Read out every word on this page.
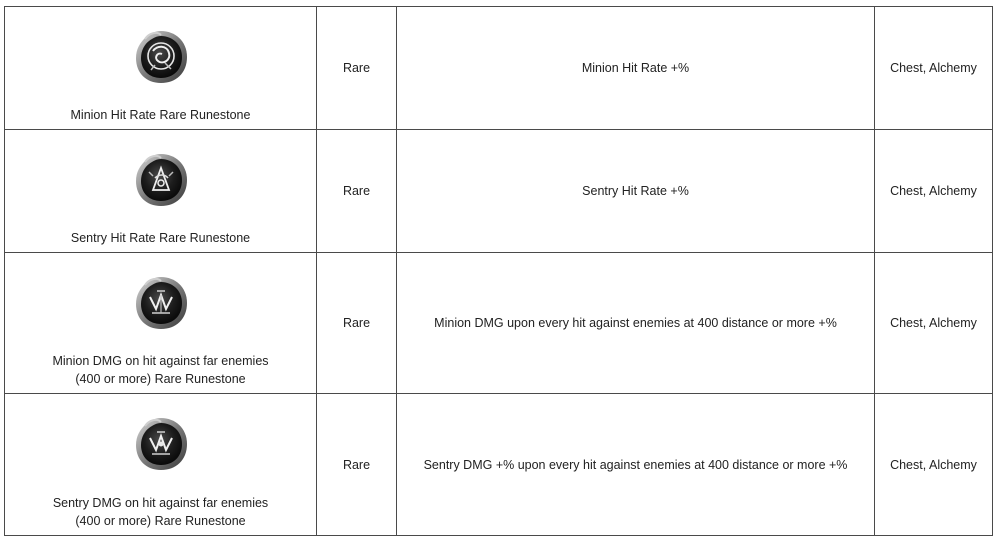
Minion Hit Rate Rare Runestone	Rare	Minion Hit Rate +%	Chest, Alchemy

Sentry Hit Rate Rare Runestone	Rare	Sentry Hit Rate +%	Chest, Alchemy

Minion DMG on hit against far enemies
(400 or more) Rare Runestone	Rare	Minion DMG upon every hit against enemies at 400 distance or more +%	Chest, Alchemy

Sentry DMG on hit against far enemies
(400 or more) Rare Runestone	Rare	Sentry DMG +% upon every hit against enemies at 400 distance or more +%	Chest, Alchemy
